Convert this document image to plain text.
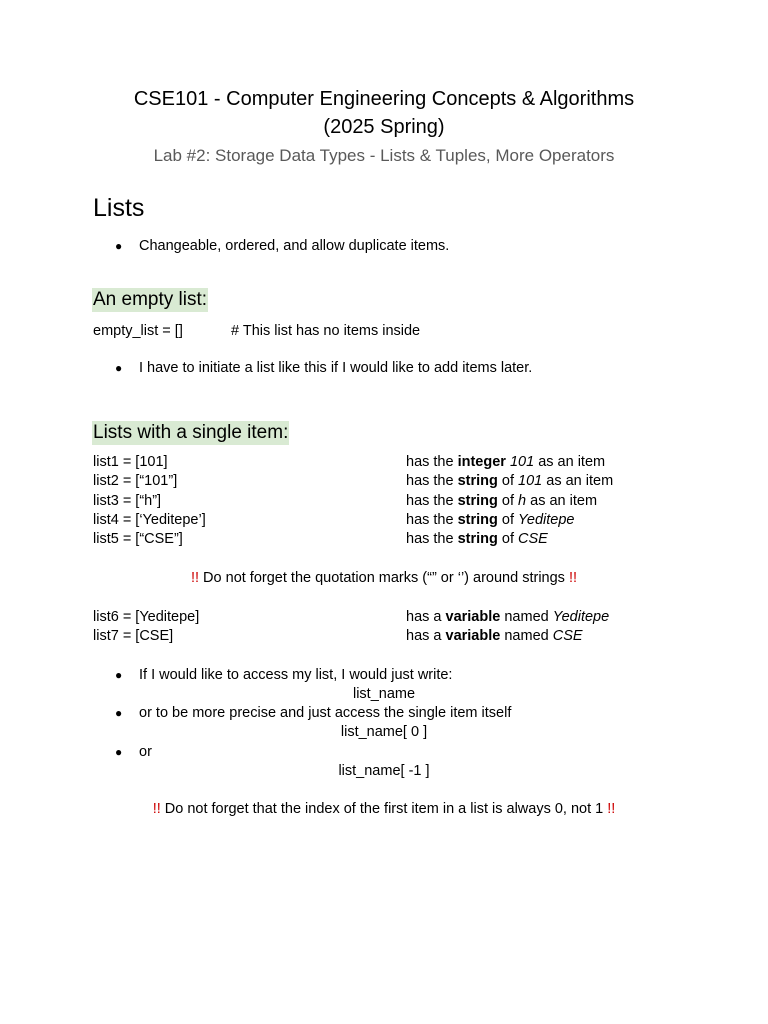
CSE101 - Computer Engineering Concepts & Algorithms
(2025 Spring)
Lab #2: Storage Data Types - Lists & Tuples, More Operators
Lists
● Changeable, ordered, and allow duplicate items.
An empty list:
empty_list = []	# This list has no items inside
● I have to initiate a list like this if I would like to add items later.
Lists with a single item:
list1 = [101]	has the integer 101 as an item
list2 = [“101”]	has the string of 101 as an item
list3 = [“h”]	has the string of h as an item
list4 = [‘Yeditepe’]	has the string of Yeditepe
list5 = [“CSE”]	has the string of CSE
!! Do not forget the quotation marks (“” or ‘’) around strings !!
list6 = [Yeditepe]	has a variable named Yeditepe
list7 = [CSE]	has a variable named CSE
● If I would like to access my list, I would just write:
list_name
● or to be more precise and just access the single item itself
list_name[ 0 ]
● or
list_name[ -1 ]
!! Do not forget that the index of the first item in a list is always 0, not 1 !!
